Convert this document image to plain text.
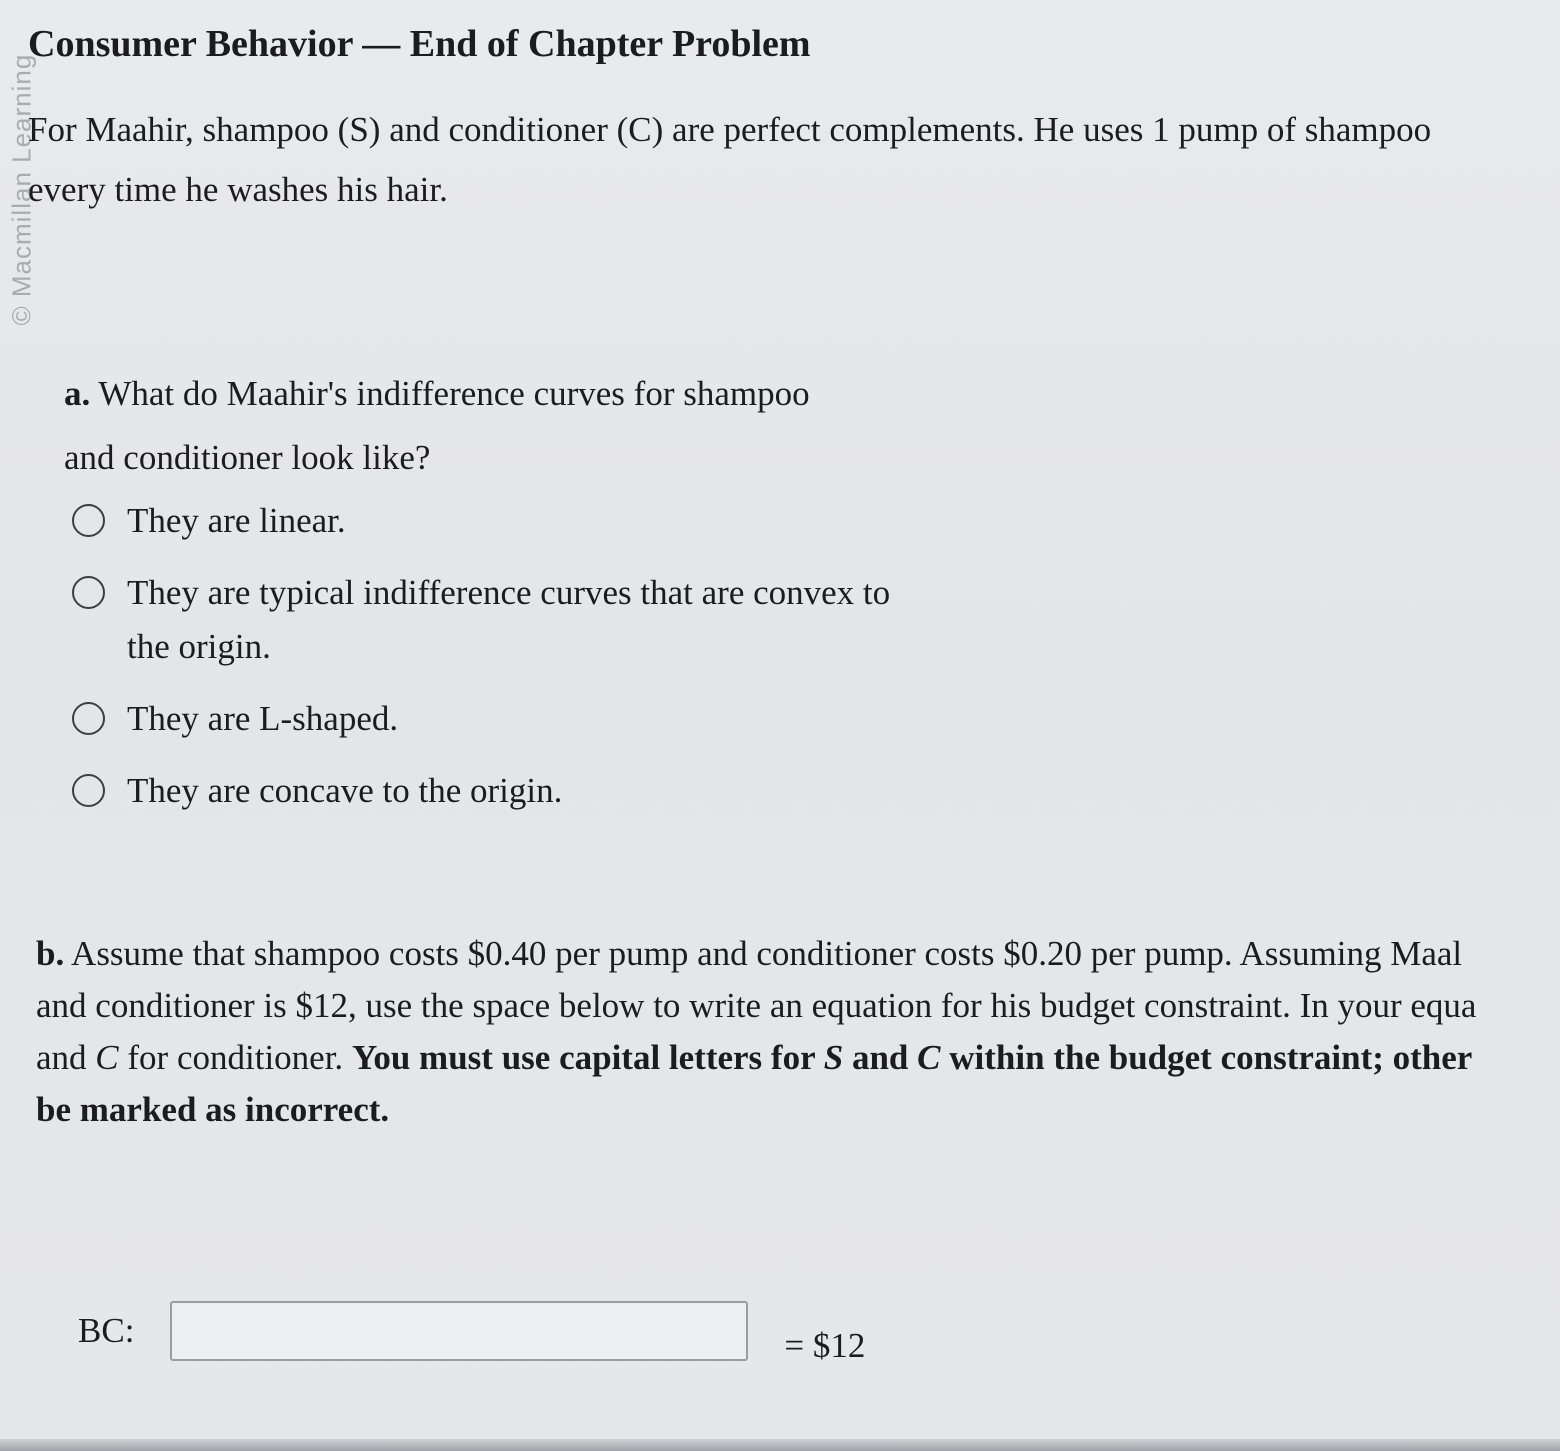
© Macmillan Learning
Consumer Behavior — End of Chapter Problem
For Maahir, shampoo (S) and conditioner (C) are perfect complements. He uses 1 pump of shampoo
every time he washes his hair.

a. What do Maahir's indifference curves for shampoo
and conditioner look like?

They are linear.
They are typical indifference curves that are convex to the origin.
They are L-shaped.
They are concave to the origin.
b. Assume that shampoo costs $0.40 per pump and conditioner costs $0.20 per pump. Assuming Maal
and conditioner is $12, use the space below to write an equation for his budget constraint. In your equa
and C for conditioner. You must use capital letters for S and C within the budget constraint; other
be marked as incorrect.
BC:	= $12
